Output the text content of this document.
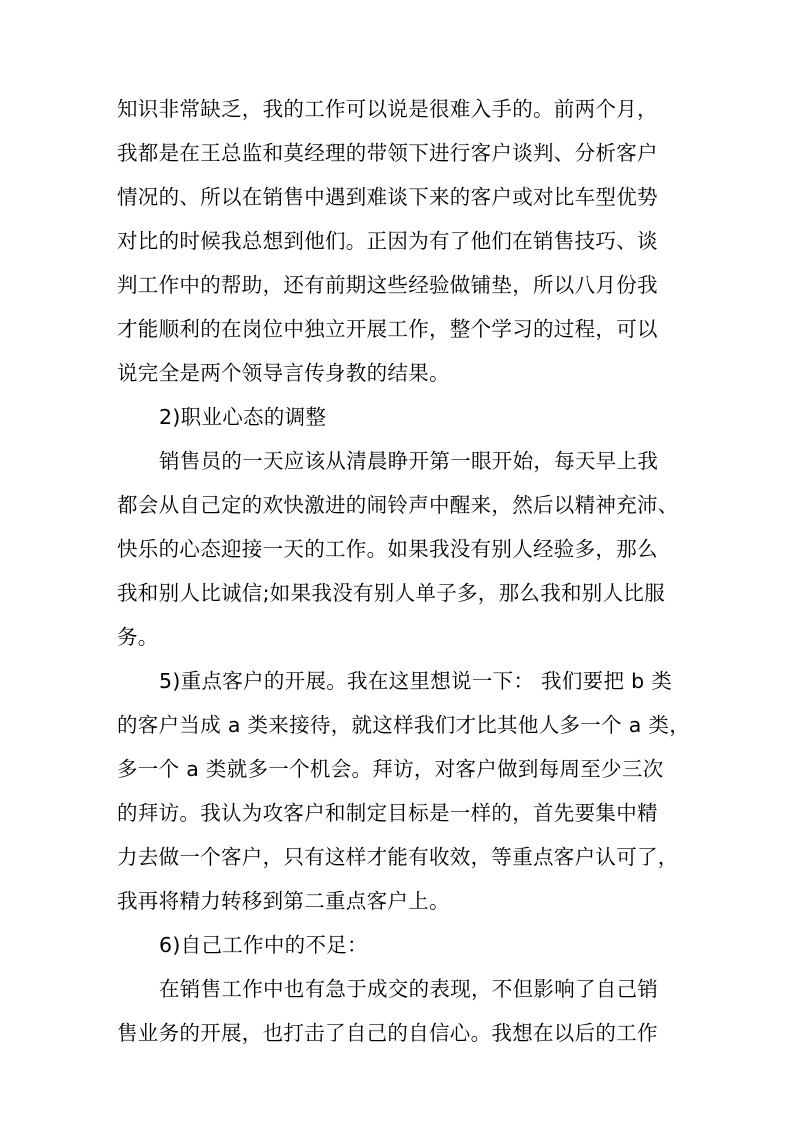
知识非常缺乏，我的工作可以说是很难入手的。前两个月，
我都是在王总监和莫经理的带领下进行客户谈判、分析客户
情况的、所以在销售中遇到难谈下来的客户或对比车型优势
对比的时候我总想到他们。正因为有了他们在销售技巧、谈
判工作中的帮助，还有前期这些经验做铺垫，所以八月份我
才能顺利的在岗位中独立开展工作，整个学习的过程，可以
说完全是两个领导言传身教的结果。
2)职业心态的调整
销售员的一天应该从清晨睁开第一眼开始，每天早上我
都会从自己定的欢快激进的闹铃声中醒来，然后以精神充沛、
快乐的心态迎接一天的工作。如果我没有别人经验多，那么
我和别人比诚信;如果我没有别人单子多，那么我和别人比服
务。
5)重点客户的开展。我在这里想说一下： 我们要把 b 类
的客户当成 a 类来接待，就这样我们才比其他人多一个 a 类，
多一个 a 类就多一个机会。拜访，对客户做到每周至少三次
的拜访。我认为攻客户和制定目标是一样的，首先要集中精
力去做一个客户，只有这样才能有收效，等重点客户认可了，
我再将精力转移到第二重点客户上。
6)自己工作中的不足：
在销售工作中也有急于成交的表现，不但影响了自己销
售业务的开展，也打击了自己的自信心。我想在以后的工作
